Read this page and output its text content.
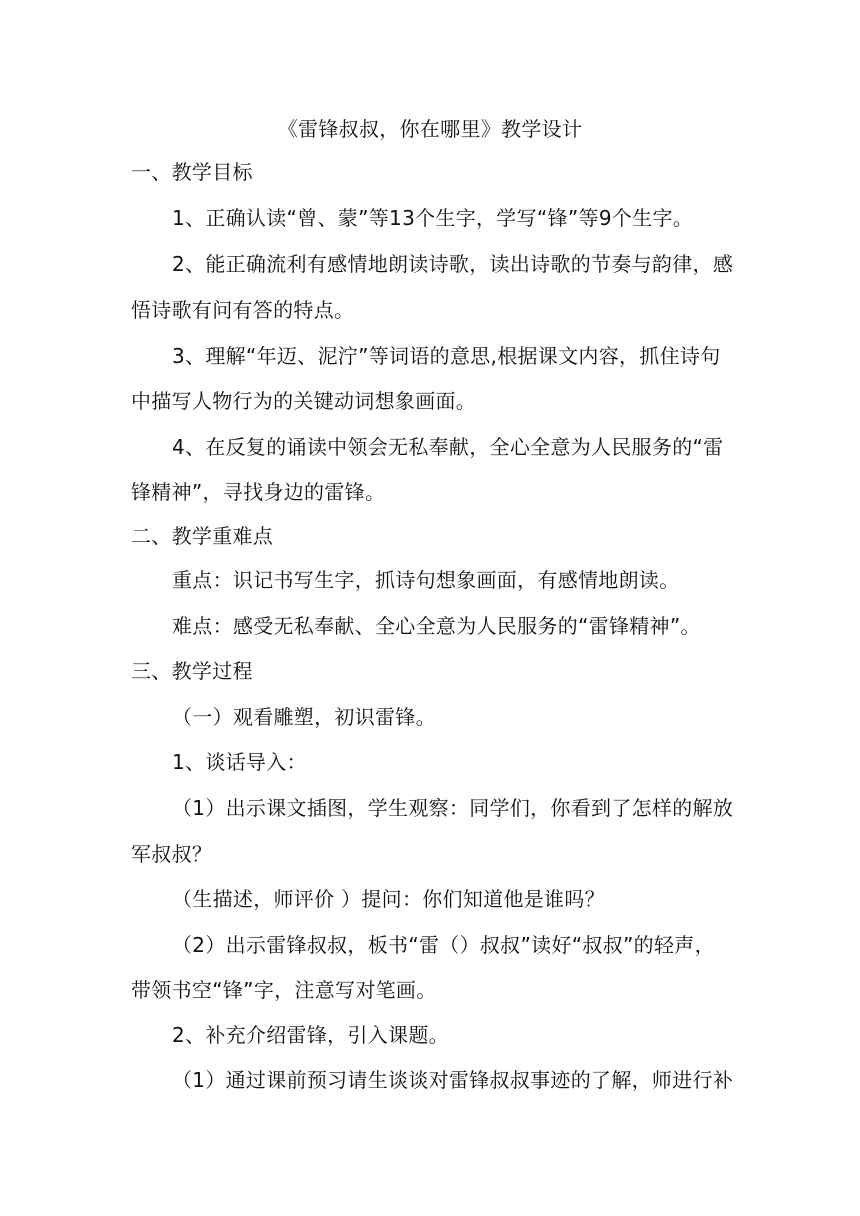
《雷锋叔叔，你在哪里》教学设计
一、教学目标
1、正确认读“曾、蒙”等13个生字，学写“锋”等9个生字。
2、能正确流利有感情地朗读诗歌，读出诗歌的节奏与韵律，感
悟诗歌有问有答的特点。
3、理解“年迈、泥泞”等词语的意思,根据课文内容，抓住诗句
中描写人物行为的关键动词想象画面。
4、在反复的诵读中领会无私奉献，全心全意为人民服务的“雷
锋精神”，寻找身边的雷锋。
二、教学重难点
重点：识记书写生字，抓诗句想象画面，有感情地朗读。
难点：感受无私奉献、全心全意为人民服务的“雷锋精神”。
三、教学过程
（一）观看雕塑，初识雷锋。
1、谈话导入：
（1）出示课文插图，学生观察：同学们，你看到了怎样的解放
军叔叔？
（生描述，师评价 ）提问：你们知道他是谁吗？
（2）出示雷锋叔叔，板书“雷（）叔叔”读好“叔叔”的轻声，
带领书空“锋”字，注意写对笔画。
2、补充介绍雷锋，引入课题。
（1）通过课前预习请生谈谈对雷锋叔叔事迹的了解，师进行补
